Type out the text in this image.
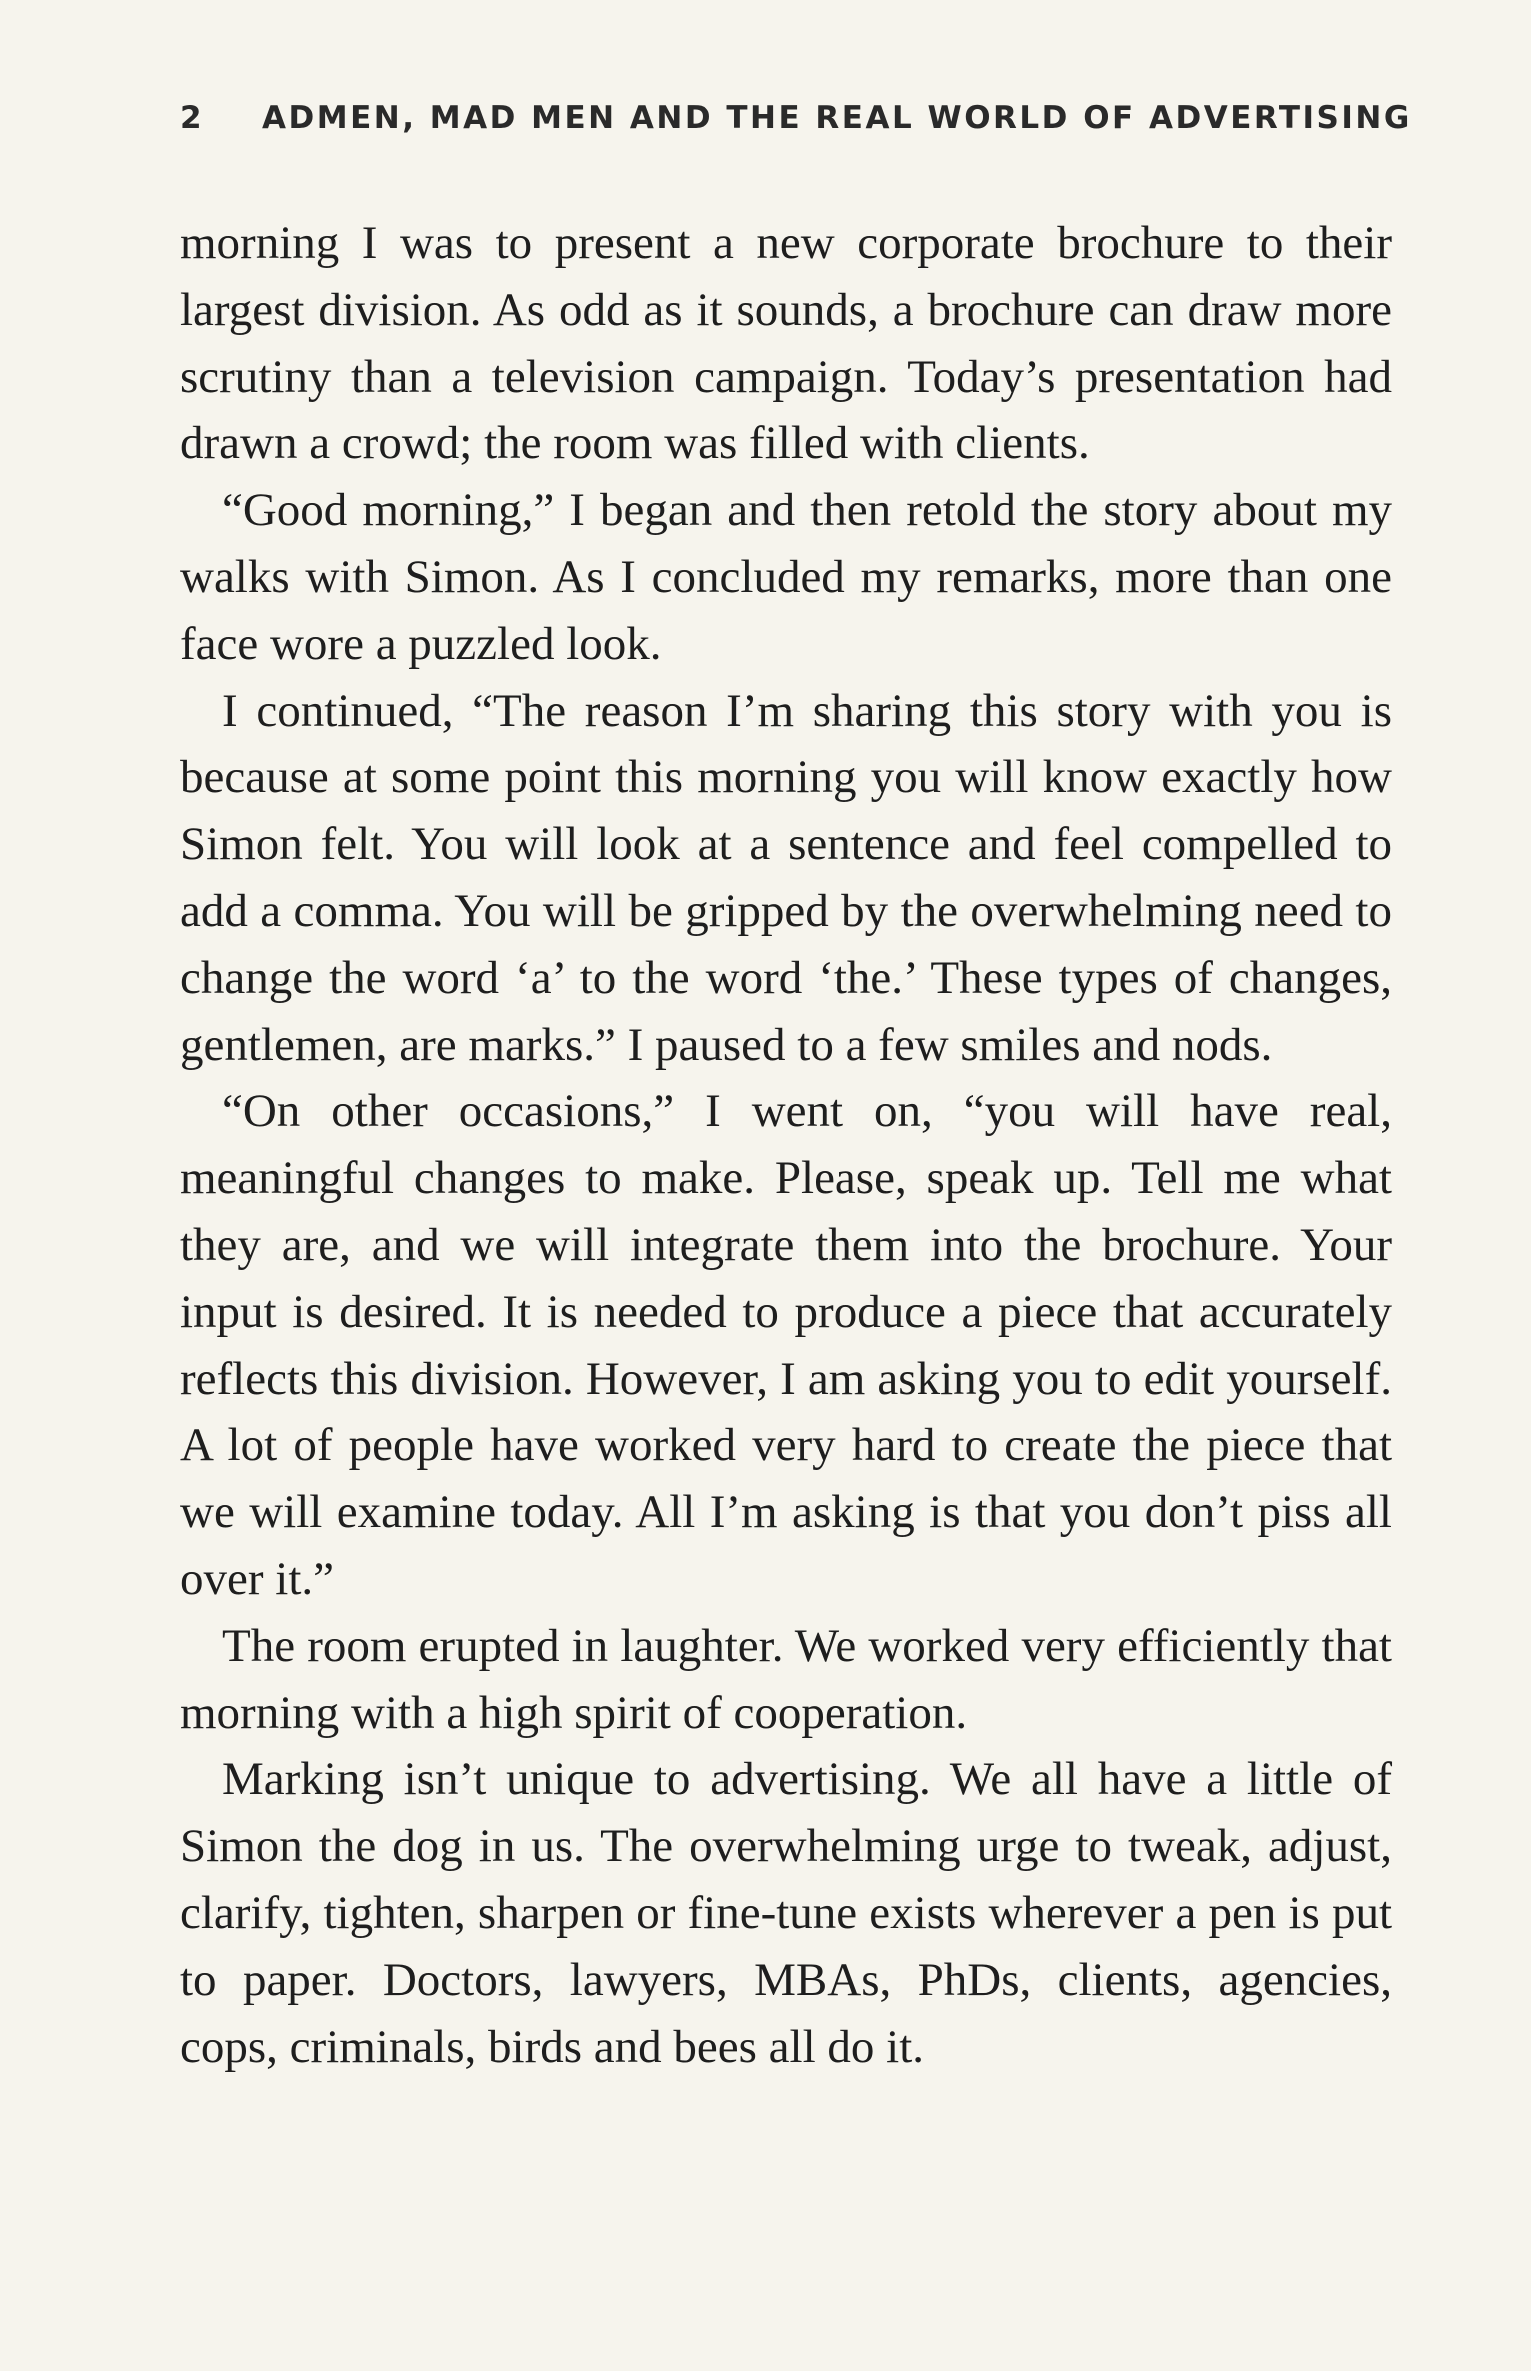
2 ADMEN, MAD MEN AND THE REAL WORLD OF ADVERTISING

morning I was to present a new corporate brochure to their largest division. As odd as it sounds, a brochure can draw more scrutiny than a television campaign. Today’s presentation had drawn a crowd; the room was filled with clients.

“Good morning,” I began and then retold the story about my walks with Simon. As I concluded my remarks, more than one face wore a puzzled look.

I continued, “The reason I’m sharing this story with you is because at some point this morning you will know exactly how Simon felt. You will look at a sentence and feel compelled to add a comma. You will be gripped by the overwhelming need to change the word ‘a’ to the word ‘the.’ These types of changes, gentlemen, are marks.” I paused to a few smiles and nods.

“On other occasions,” I went on, “you will have real, meaningful changes to make. Please, speak up. Tell me what they are, and we will integrate them into the brochure. Your input is desired. It is needed to produce a piece that accurately reflects this division. However, I am asking you to edit yourself. A lot of people have worked very hard to create the piece that we will examine today. All I’m asking is that you don’t piss all over it.”

The room erupted in laughter. We worked very efficiently that morning with a high spirit of cooperation.

Marking isn’t unique to advertising. We all have a little of Simon the dog in us. The overwhelming urge to tweak, adjust, clarify, tighten, sharpen or fine-tune exists wherever a pen is put to paper. Doctors, lawyers, MBAs, PhDs, clients, agencies, cops, criminals, birds and bees all do it.
